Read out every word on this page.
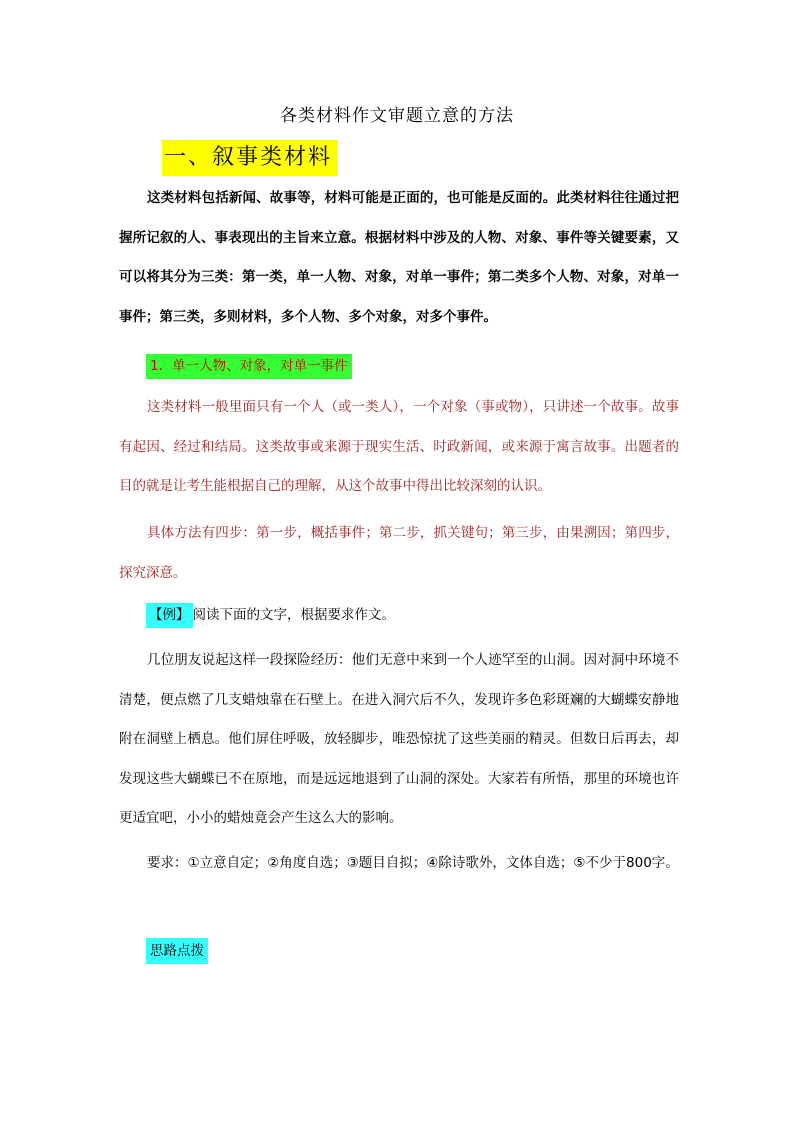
各类材料作文审题立意的方法
一、叙事类材料

这类材料包括新闻、故事等，材料可能是正面的，也可能是反面的。此类材料往往通过把握所记叙的人、事表现出的主旨来立意。根据材料中涉及的人物、对象、事件等关键要素，又可以将其分为三类：第一类，单一人物、对象，对单一事件；第二类多个人物、对象，对单一事件；第三类，多则材料，多个人物、多个对象，对多个事件。

1．单一人物、对象，对单一事件

这类材料一般里面只有一个人（或一类人），一个对象（事或物），只讲述一个故事。故事有起因、经过和结局。这类故事或来源于现实生活、时政新闻，或来源于寓言故事。出题者的目的就是让考生能根据自己的理解，从这个故事中得出比较深刻的认识。

具体方法有四步：第一步，概括事件；第二步，抓关键句；第三步，由果溯因；第四步，探究深意。

【例】 阅读下面的文字，根据要求作文。

几位朋友说起这样一段探险经历：他们无意中来到一个人迹罕至的山洞。因对洞中环境不清楚，便点燃了几支蜡烛靠在石壁上。在进入洞穴后不久，发现许多色彩斑斓的大蝴蝶安静地附在洞壁上栖息。他们屏住呼吸，放轻脚步，唯恐惊扰了这些美丽的精灵。但数日后再去，却发现这些大蝴蝶已不在原地，而是远远地退到了山洞的深处。大家若有所悟，那里的环境也许更适宜吧，小小的蜡烛竟会产生这么大的影响。

要求：①立意自定；②角度自选；③题目自拟；④除诗歌外，文体自选；⑤不少于800字。

思路点拨
